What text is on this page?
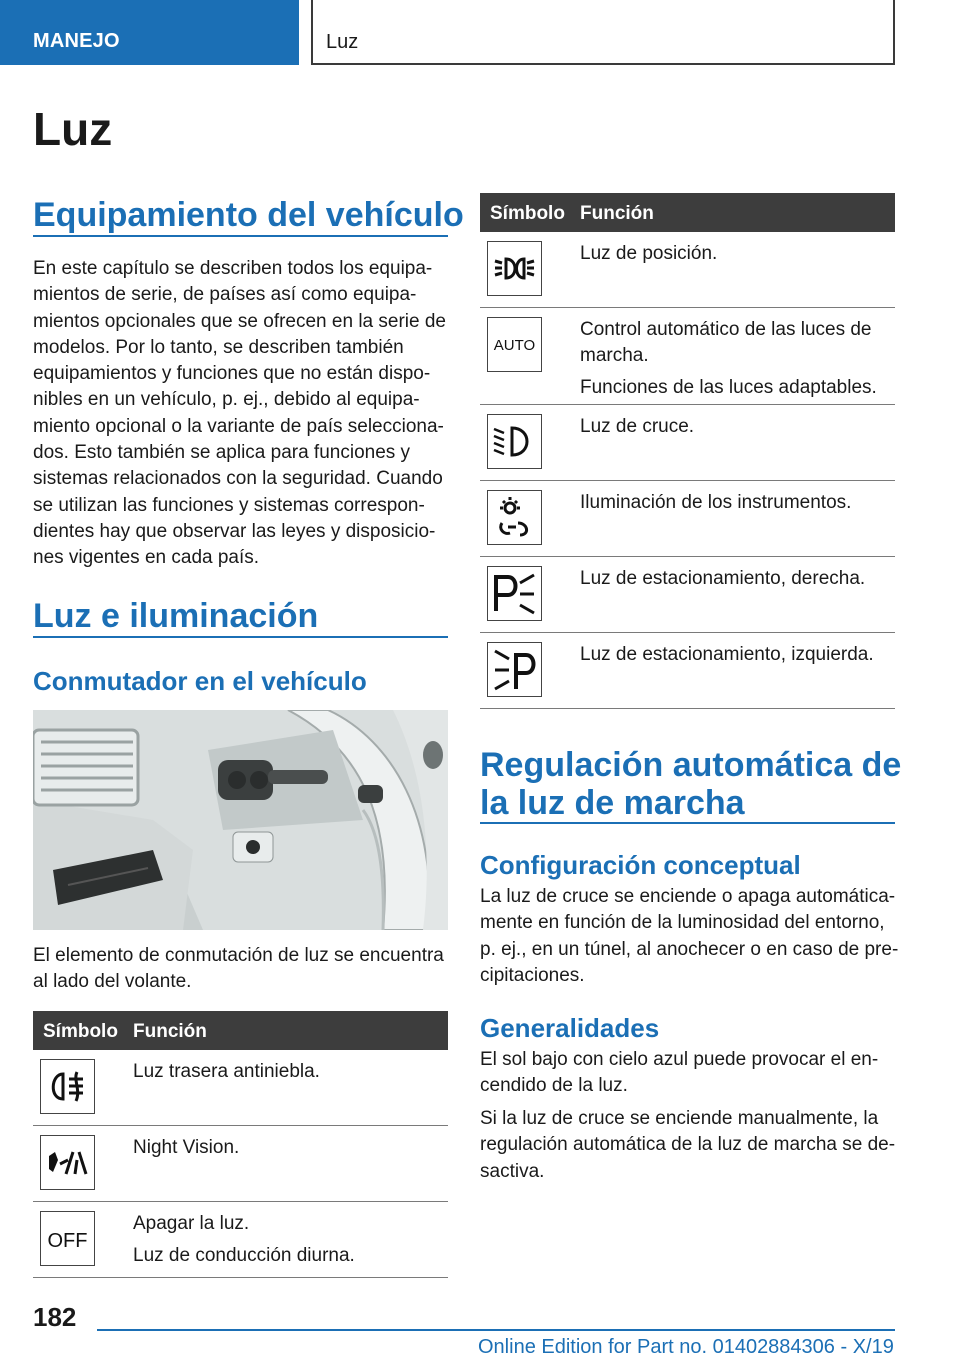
MANEJO	Luz
Luz
Equipamiento del vehículo
En este capítulo se describen todos los equipa-
mientos de serie, de países así como equipa-
mientos opcionales que se ofrecen en la serie de
modelos. Por lo tanto, se describen también
equipamientos y funciones que no están dispo-
nibles en un vehículo, p. ej., debido al equipa-
miento opcional o la variante de país selecciona-
dos. Esto también se aplica para funciones y
sistemas relacionados con la seguridad. Cuando
se utilizan las funciones y sistemas correspon-
dientes hay que observar las leyes y disposicio-
nes vigentes en cada país.
Luz e iluminación
Conmutador en el vehículo
El elemento de conmutación de luz se encuentra
al lado del volante.
Símbolo Función

Luz trasera antiniebla.

Night Vision.

OFF

Apagar la luz.

Luz de conducción diurna.

Símbolo Función

Luz de posición.

AUTO

Control automático de las luces de marcha.

Funciones de las luces adaptables.

Luz de cruce.

Iluminación de los instrumentos.

Luz de estacionamiento, derecha.

Luz de estacionamiento, izquierda.

Regulación automática de
la luz de marcha
Configuración conceptual
La luz de cruce se enciende o apaga automática-
mente en función de la luminosidad del entorno,
p. ej., en un túnel, al anochecer o en caso de pre-
cipitaciones.
Generalidades
El sol bajo con cielo azul puede provocar el en-
cendido de la luz.
Si la luz de cruce se enciende manualmente, la
regulación automática de la luz de marcha se de-
sactiva.
182
Online Edition for Part no. 01402884306 - X/19
